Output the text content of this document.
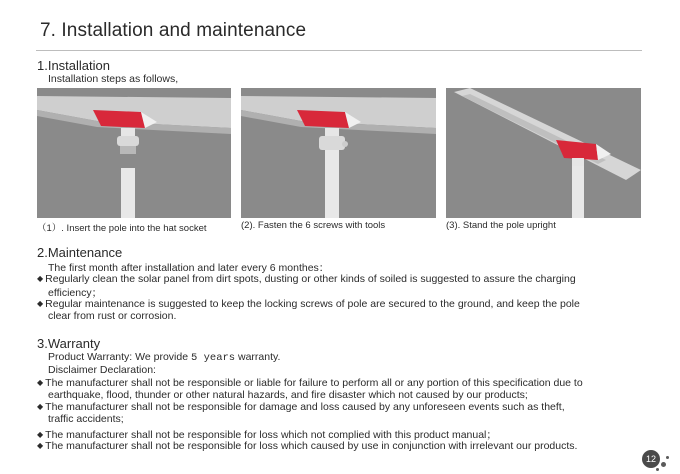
7. Installation and maintenance
1.Installation
Installation steps as follows,
（1）. Insert the pole into the hat socket	(2). Fasten the 6 screws with tools	(3). Stand the pole upright
2.Maintenance
The first month after installation and later every 6 monthes：
◆ Regularly clean the solar panel from dirt spots, dusting or other kinds of soiled is suggested to assure the charging
efficiency；
◆ Regular maintenance is suggested to keep the locking screws of pole are secured to the ground, and keep the pole
clear from rust or corrosion.
3.Warranty
Product Warranty: We provide 5 years warranty.
Disclaimer Declaration:
◆ The manufacturer shall not be responsible or liable for failure to perform all or any portion of this specification due to
earthquake, flood, thunder or other natural hazards, and fire disaster which not caused by our products;
◆ The manufacturer shall not be responsible for damage and loss caused by any unforeseen events such as theft,
traffic accidents;
◆ The manufacturer shall not be responsible for loss which not complied with this product manual；
◆ The manufacturer shall not be responsible for loss which caused by use in conjunction with irrelevant our products.
12
